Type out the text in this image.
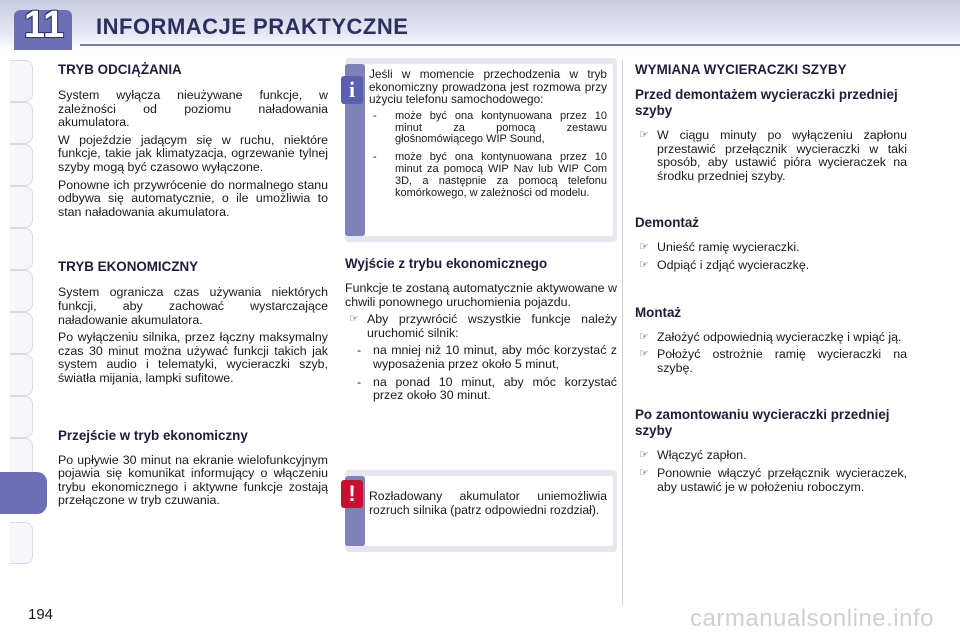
11	INFORMACJE PRAKTYCZNE
TRYB ODCIĄŻANIA

System wyłącza nieużywane funkcje, w zależności od poziomu naładowania akumulatora.

W pojeździe jadącym się w ruchu, niektóre funkcje, takie jak klimatyzacja, ogrzewanie tylnej szyby mogą być czasowo wyłączone.

Ponowne ich przywrócenie do normalnego stanu odbywa się automatycznie, o ile umożliwia to stan naładowania akumulatora.

TRYB EKONOMICZNY

System ogranicza czas używania niektórych funkcji, aby zachować wystarczające naładowanie akumulatora.

Po wyłączeniu silnika, przez łączny maksymalny czas 30 minut można używać funkcji takich jak system audio i telematyki, wycieraczki szyb, światła mijania, lampki sufitowe.

Przejście w tryb ekonomiczny

Po upływie 30 minut na ekranie wielofunkcyjnym pojawia się komunikat informujący o włączeniu trybu ekonomicznego i aktywne funkcje zostają przełączone w tryb czuwania.

i
Jeśli w momencie przechodzenia w tryb ekonomiczny prowadzona jest rozmowa przy użyciu telefonu samochodowego:
- może być ona kontynuowana przez 10 minut za pomocą zestawu głośnomówiącego WIP Sound,
- może być ona kontynuowana przez 10 minut za pomocą WIP Nav lub WIP Com 3D, a następnie za pomocą telefonu komórkowego, w zależności od modelu.
Wyjście z trybu ekonomicznego

Funkcje te zostaną automatycznie aktywowane w chwili ponownego uruchomienia pojazdu.

☞ Aby przywrócić wszystkie funkcje należy uruchomić silnik:
- na mniej niż 10 minut, aby móc korzystać z wyposażenia przez około 5 minut,
- na ponad 10 minut, aby móc korzystać przez około 30 minut.
!	Rozładowany akumulator uniemożliwia rozruch silnika (patrz odpowiedni rozdział).
WYMIANA WYCIERACZKI SZYBY
Przed demontażem wycieraczki przedniej szyby
☞ W ciągu minuty po wyłączeniu zapłonu przestawić przełącznik wycieraczki w taki sposób, aby ustawić pióra wycieraczek na środku przedniej szyby.
Demontaż
☞ Unieść ramię wycieraczki.
☞ Odpiąć i zdjąć wycieraczkę.
Montaż
☞ Założyć odpowiednią wycieraczkę i wpiąć ją.
☞ Położyć ostrożnie ramię wycieraczki na szybę.
Po zamontowaniu wycieraczki przedniej szyby
☞ Włączyć zapłon.
☞ Ponownie włączyć przełącznik wycieraczek, aby ustawić je w położeniu roboczym.
194	carmanualsonline.info
